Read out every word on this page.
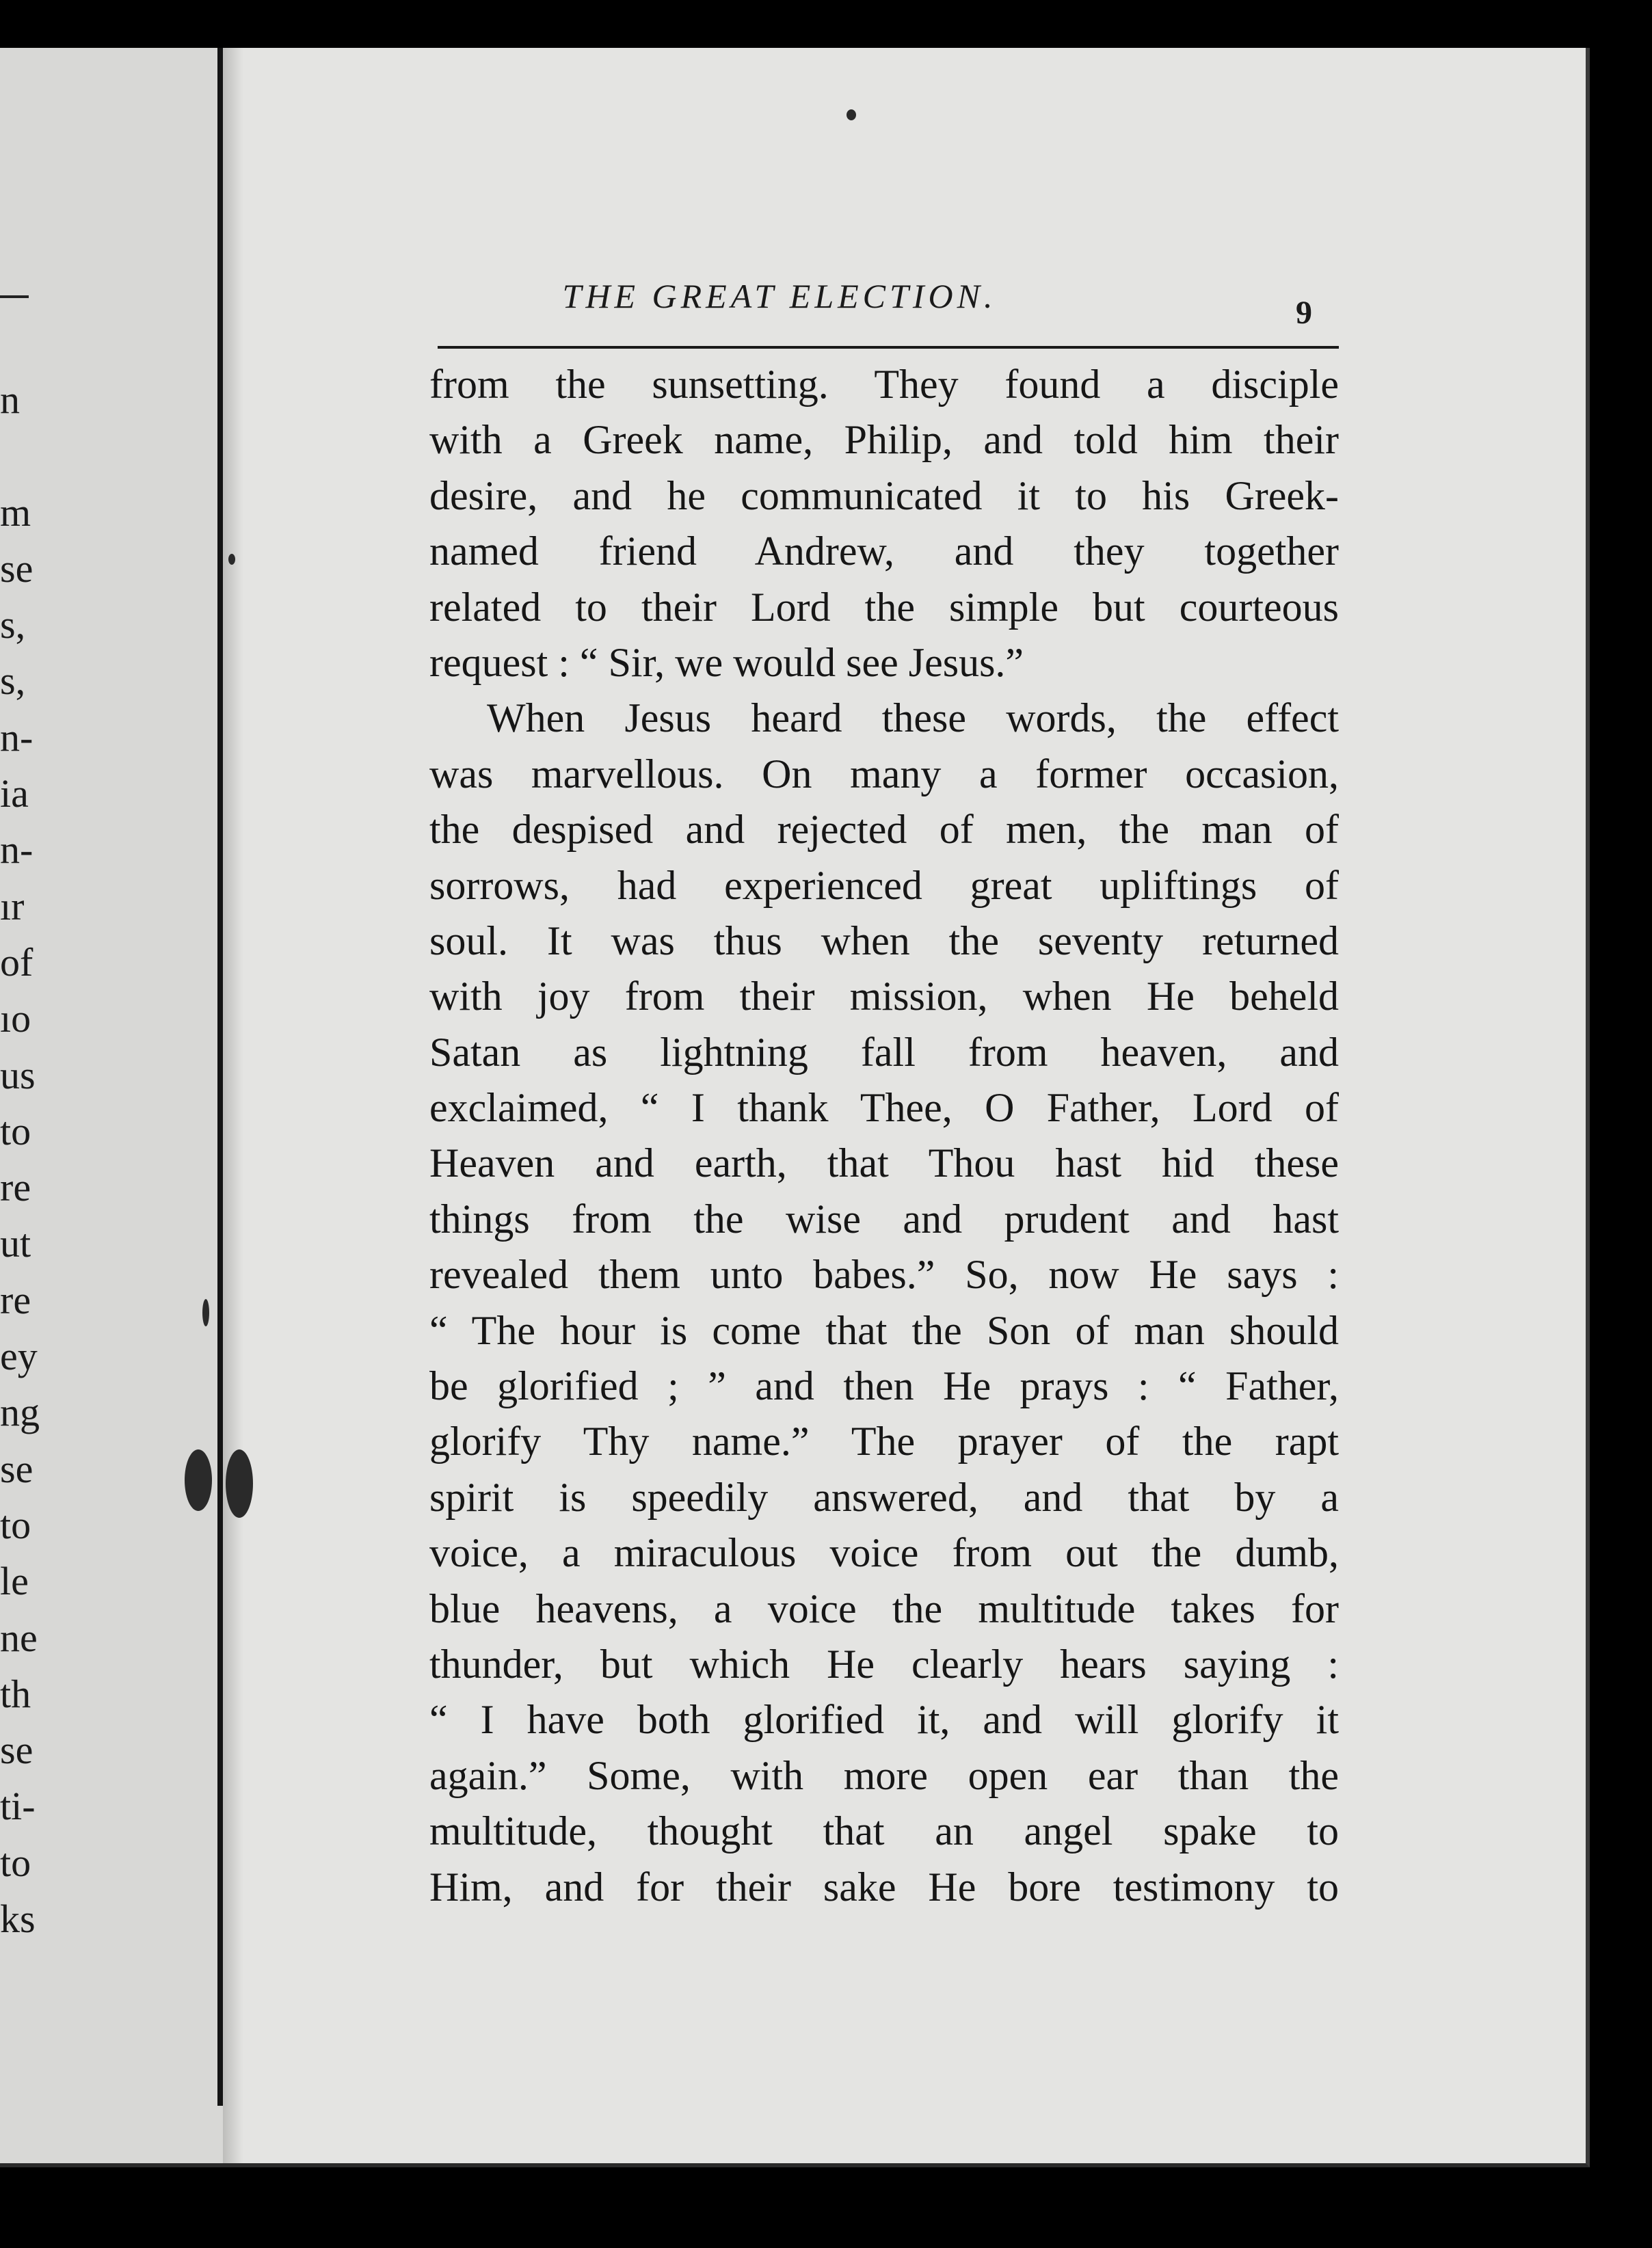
n
m
se
s,
s,
n-
ia
n-
ır
of
ıo
us
to
re
ut
re
ey
ng
se
to
le
ne
th
se
ti-
to
ks
THE GREAT ELECTION.	9
from the sunsetting. They found a disciple
with a Greek name, Philip, and told him their
desire, and he communicated it to his Greek-
named friend Andrew, and they together
related to their Lord the simple but courteous
request : “ Sir, we would see Jesus.”
When Jesus heard these words, the effect
was marvellous. On many a former occasion,
the despised and rejected of men, the man of
sorrows, had experienced great upliftings of
soul. It was thus when the seventy returned
with joy from their mission, when He beheld
Satan as lightning fall from heaven, and
exclaimed, “ I thank Thee, O Father, Lord of
Heaven and earth, that Thou hast hid these
things from the wise and prudent and hast
revealed them unto babes.” So, now He says :
“ The hour is come that the Son of man should
be glorified ; ” and then He prays : “ Father,
glorify Thy name.” The prayer of the rapt
spirit is speedily answered, and that by a
voice, a miraculous voice from out the dumb,
blue heavens, a voice the multitude takes for
thunder, but which He clearly hears saying :
“ I have both glorified it, and will glorify it
again.” Some, with more open ear than the
multitude, thought that an angel spake to
Him, and for their sake He bore testimony to
